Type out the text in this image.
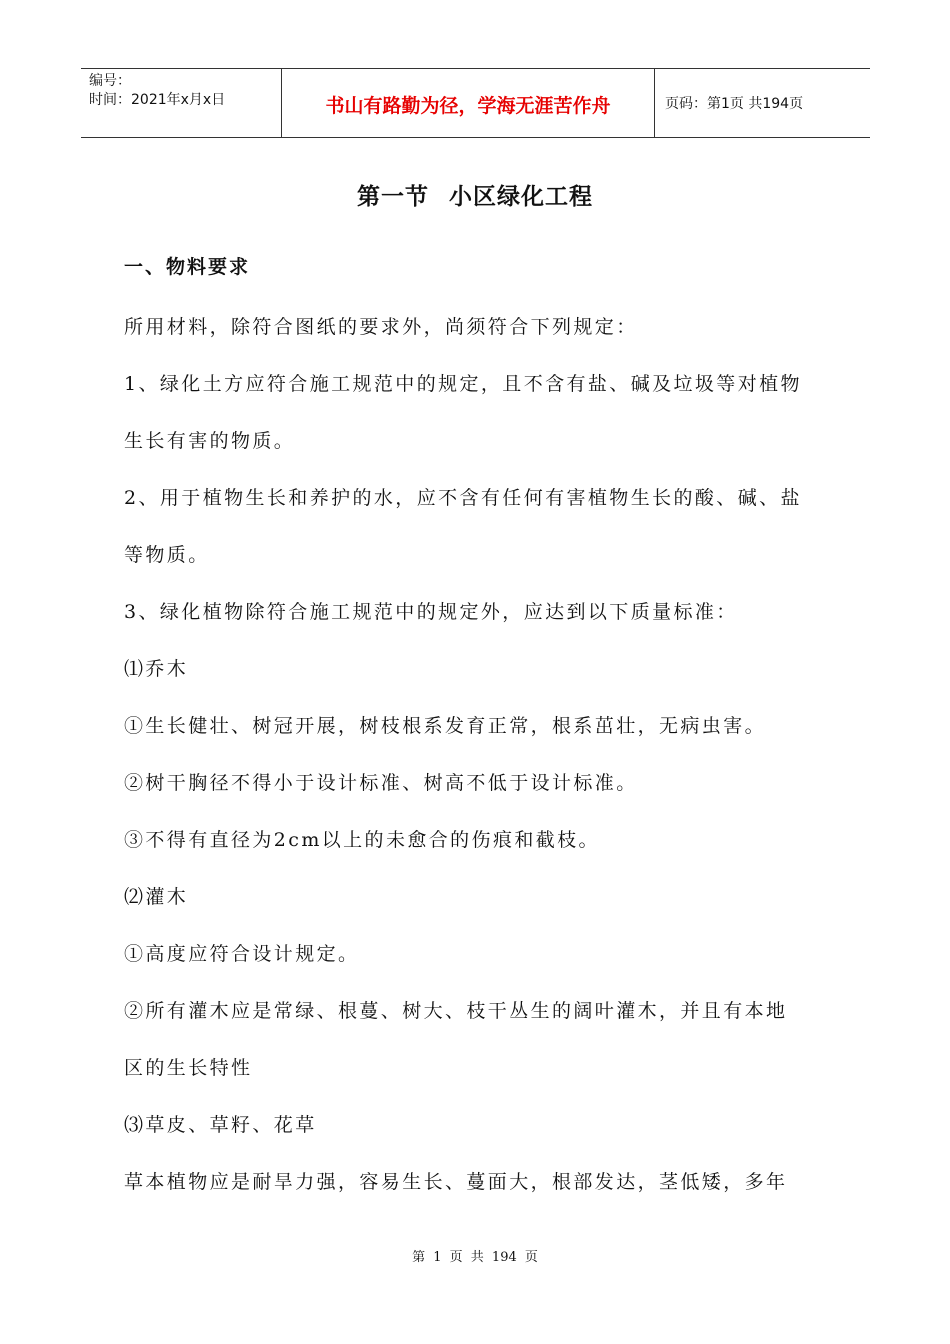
编号：
时间：2021年x月x日	书山有路勤为径，学海无涯苦作舟	页码：第1页 共194页
第一节 小区绿化工程
一、物料要求
所用材料，除符合图纸的要求外，尚须符合下列规定：
1、绿化土方应符合施工规范中的规定，且不含有盐、碱及垃圾等对植物
生长有害的物质。
2、用于植物生长和养护的水，应不含有任何有害植物生长的酸、碱、盐
等物质。
3、绿化植物除符合施工规范中的规定外，应达到以下质量标准：
⑴乔木
①生长健壮、树冠开展，树枝根系发育正常，根系茁壮，无病虫害。
②树干胸径不得小于设计标准、树高不低于设计标准。
③不得有直径为2cm以上的未愈合的伤痕和截枝。
⑵灌木
①高度应符合设计规定。
②所有灌木应是常绿、根蔓、树大、枝干丛生的阔叶灌木，并且有本地
区的生长特性
⑶草皮、草籽、花草
草本植物应是耐旱力强，容易生长、蔓面大，根部发达，茎低矮，多年
第 1 页 共 194 页
